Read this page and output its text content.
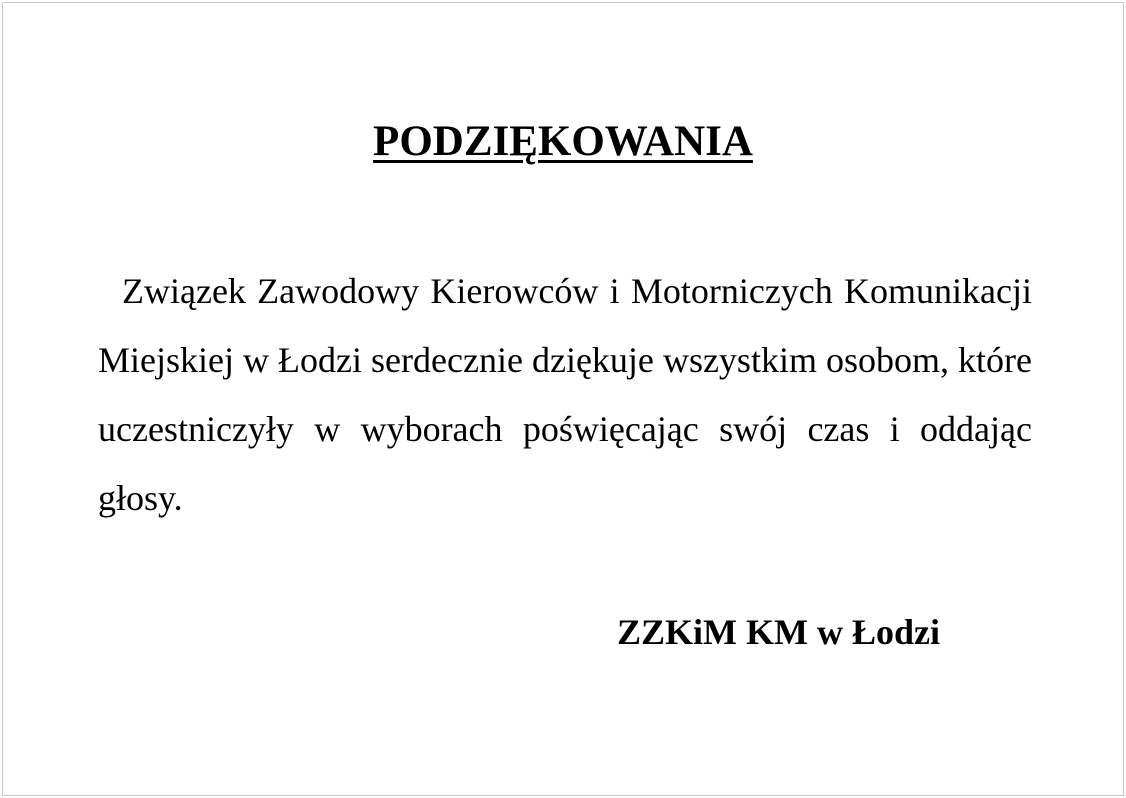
PODZIĘKOWANIA

Związek Zawodowy Kierowców i Motorniczych Komunikacji Miejskiej w Łodzi serdecznie dziękuje wszystkim osobom, które uczestniczyły w wyborach poświęcając swój czas i oddając głosy.

ZZKiM KM w Łodzi
